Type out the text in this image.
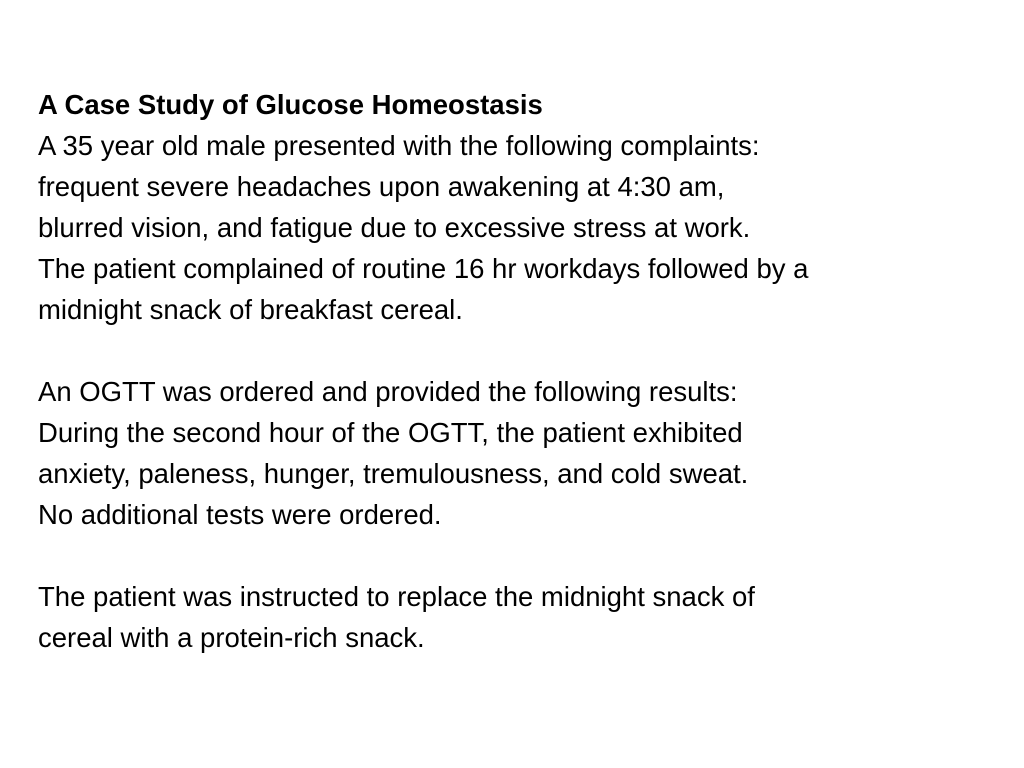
A Case Study of Glucose Homeostasis
A 35 year old male presented with the following complaints:
frequent severe headaches upon awakening at 4:30 am,
blurred vision, and fatigue due to excessive stress at work.
The patient complained of routine 16 hr workdays followed by a
midnight snack of breakfast cereal.
An OGTT was ordered and provided the following results:
During the second hour of the OGTT, the patient exhibited
anxiety, paleness, hunger, tremulousness, and cold sweat.
No additional tests were ordered.
The patient was instructed to replace the midnight snack of
cereal with a protein-rich snack.
